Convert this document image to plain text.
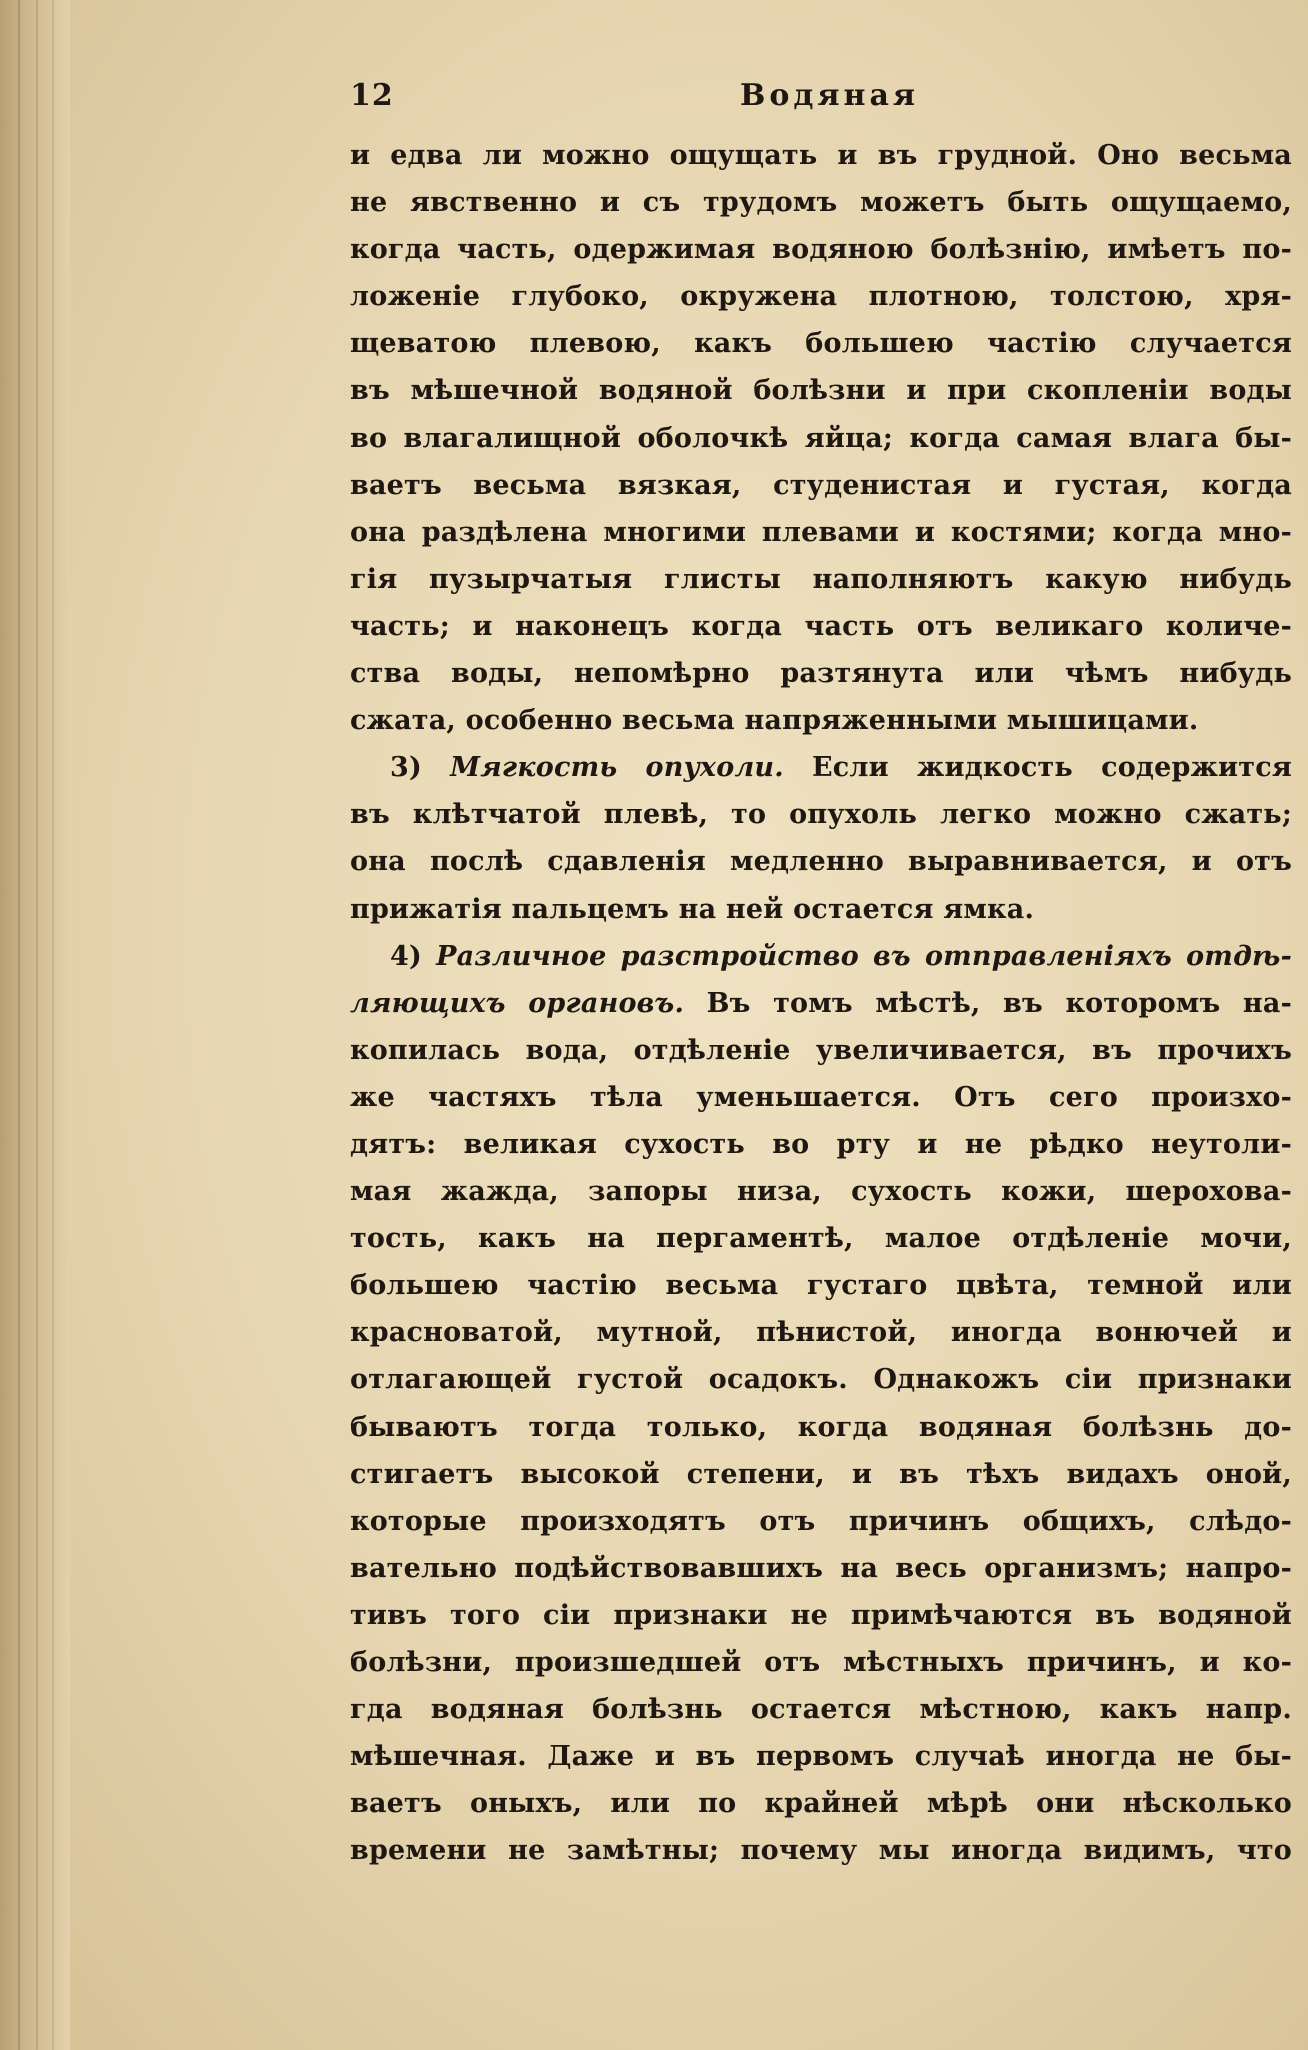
12	Водяная
и едва ли можно ощущать и въ грудной. Оно весьма
не явственно и съ трудомъ можетъ быть ощущаемо,
когда часть, одержимая водяною болѣзнію, имѣетъ по-
ложеніе глубоко, окружена плотною, толстою, хря-
щеватою плевою, какъ большею частію случается
въ мѣшечной водяной болѣзни и при скопленіи воды
во влагалищной оболочкѣ яйца; когда самая влага бы-
ваетъ весьма вязкая, студенистая и густая, когда
она раздѣлена многими плевами и костями; когда мно-
гія пузырчатыя глисты наполняютъ какую нибудь
часть; и наконецъ когда часть отъ великаго количе-
ства воды, непомѣрно разтянута или чѣмъ нибудь
сжата, особенно весьма напряженными мышицами.
3) Мягкость опухоли. Если жидкость содержится
въ клѣтчатой плевѣ, то опухоль легко можно сжать;
она послѣ сдавленія медленно выравнивается, и отъ
прижатія пальцемъ на ней остается ямка.
4) Различное разстройство въ отправленіяхъ отдѣ-
ляющихъ органовъ. Въ томъ мѣстѣ, въ которомъ на-
копилась вода, отдѣленіе увеличивается, въ прочихъ
же частяхъ тѣла уменьшается. Отъ сего произхо-
дятъ: великая сухость во рту и не рѣдко неутоли-
мая жажда, запоры низа, сухость кожи, шерохова-
тость, какъ на пергаментѣ, малое отдѣленіе мочи,
большею частію весьма густаго цвѣта, темной или
красноватой, мутной, пѣнистой, иногда вонючей и
отлагающей густой осадокъ. Однакожъ сіи признаки
бываютъ тогда только, когда водяная болѣзнь до-
стигаетъ высокой степени, и въ тѣхъ видахъ оной,
которые произходятъ отъ причинъ общихъ, слѣдо-
вательно подѣйствовавшихъ на весь организмъ; напро-
тивъ того сіи признаки не примѣчаются въ водяной
болѣзни, произшедшей отъ мѣстныхъ причинъ, и ко-
гда водяная болѣзнь остается мѣстною, какъ напр.
мѣшечная. Даже и въ первомъ случаѣ иногда не бы-
ваетъ оныхъ, или по крайней мѣрѣ они нѣсколько
времени не замѣтны; почему мы иногда видимъ, что
